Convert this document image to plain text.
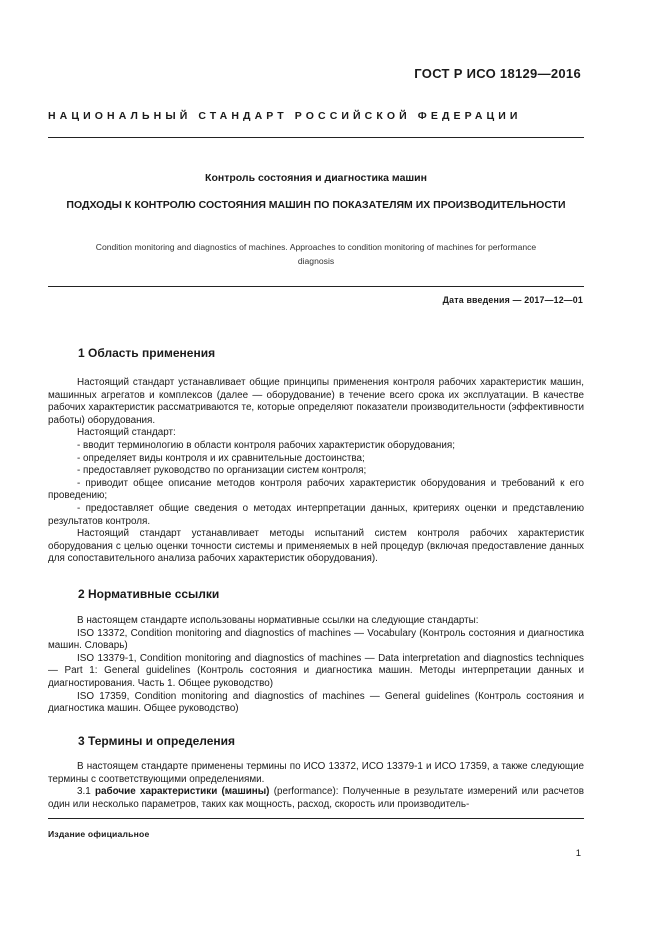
ГОСТ Р ИСО 18129—2016
НАЦИОНАЛЬНЫЙ СТАНДАРТ РОССИЙСКОЙ ФЕДЕРАЦИИ
Контроль состояния и диагностика машин
ПОДХОДЫ К КОНТРОЛЮ СОСТОЯНИЯ МАШИН ПО ПОКАЗАТЕЛЯМ ИХ ПРОИЗВОДИТЕЛЬНОСТИ
Condition monitoring and diagnostics of machines. Approaches to condition monitoring of machines for performance
diagnosis
Дата введения — 2017—12—01
1 Область применения

Настоящий стандарт устанавливает общие принципы применения контроля рабочих характеристик машин, машинных агрегатов и комплексов (далее — оборудование) в течение всего срока их эксплуатации. В качестве рабочих характеристик рассматриваются те, которые определяют показатели производительности (эффективности работы) оборудования.

Настоящий стандарт:

- вводит терминологию в области контроля рабочих характеристик оборудования;

- определяет виды контроля и их сравнительные достоинства;

- предоставляет руководство по организации систем контроля;

- приводит общее описание методов контроля рабочих характеристик оборудования и требований к его проведению;

- предоставляет общие сведения о методах интерпретации данных, критериях оценки и представлению результатов контроля.

Настоящий стандарт устанавливает методы испытаний систем контроля рабочих характеристик оборудования с целью оценки точности системы и применяемых в ней процедур (включая предоставление данных для сопоставительного анализа рабочих характеристик оборудования).

2 Нормативные ссылки

В настоящем стандарте использованы нормативные ссылки на следующие стандарты:

ISO 13372, Condition monitoring and diagnostics of machines — Vocabulary (Контроль состояния и диагностика машин. Словарь)

ISO 13379-1, Condition monitoring and diagnostics of machines — Data interpretation and diagnostics techniques — Part 1: General guidelines (Контроль состояния и диагностика машин. Методы интерпретации данных и диагностирования. Часть 1. Общее руководство)

ISO 17359, Condition monitoring and diagnostics of machines — General guidelines (Контроль состояния и диагностика машин. Общее руководство)

3 Термины и определения

В настоящем стандарте применены термины по ИСО 13372, ИСО 13379-1 и ИСО 17359, а также следующие термины с соответствующими определениями.

3.1 рабочие характеристики (машины) (performance): Полученные в результате измерений или расчетов один или несколько параметров, таких как мощность, расход, скорость или производитель-

Издание официальное
1
